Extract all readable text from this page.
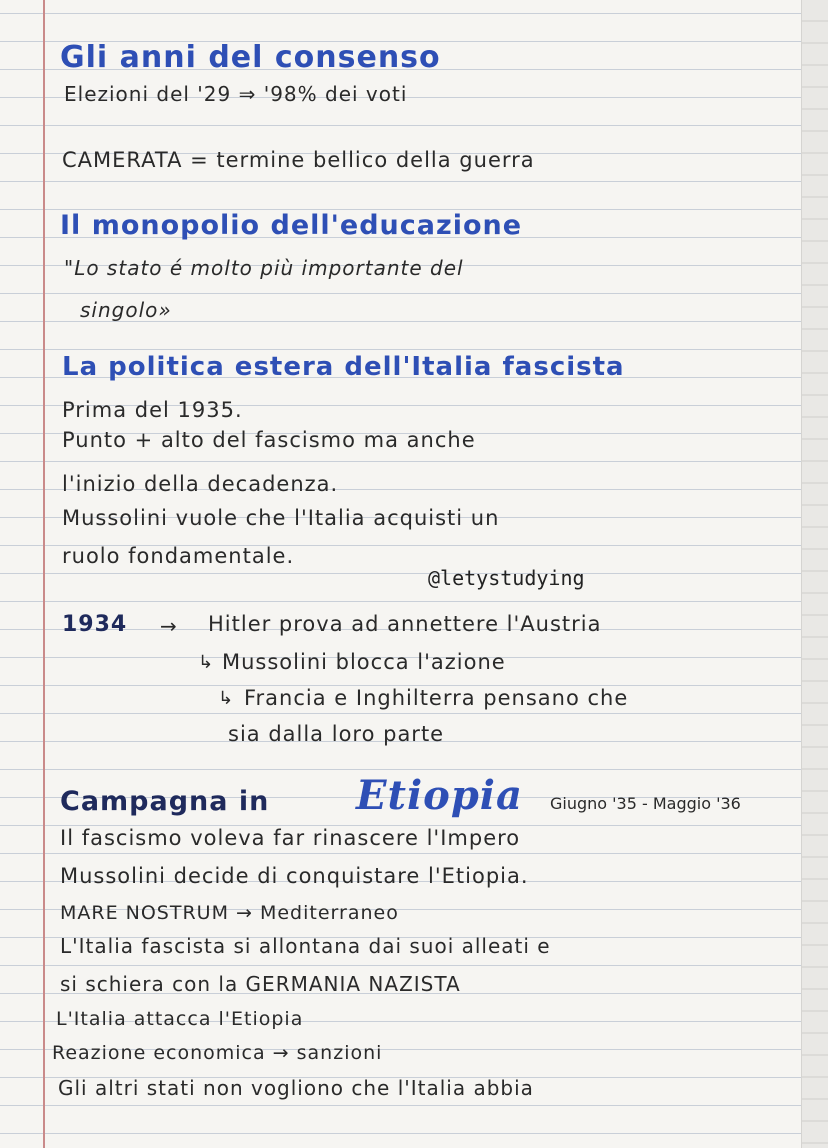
Gli anni del consenso
Elezioni del '29 ⇒ '98% dei voti
CAMERATA = termine bellico della guerra
Il monopolio dell'educazione
"Lo stato é molto più importante del
singolo»
La politica estera dell'Italia fascista
Prima del 1935.
Punto + alto del fascismo ma anche
l'inizio della decadenza.
Mussolini vuole che l'Italia acquisti un
ruolo fondamentale.
@letystudying
1934 → Hitler prova ad annettere l'Austria
↳ Mussolini blocca l'azione
↳ Francia e Inghilterra pensano che
sia dalla loro parte
Campagna in Etiopia Giugno '35 - Maggio '36
Il fascismo voleva far rinascere l'Impero
Mussolini decide di conquistare l'Etiopia.
MARE NOSTRUM → Mediterraneo
L'Italia fascista si allontana dai suoi alleati e
si schiera con la GERMANIA NAZISTA
L'Italia attacca l'Etiopia
Reazione economica → sanzioni
Gli altri stati non vogliono che l'Italia abbia
